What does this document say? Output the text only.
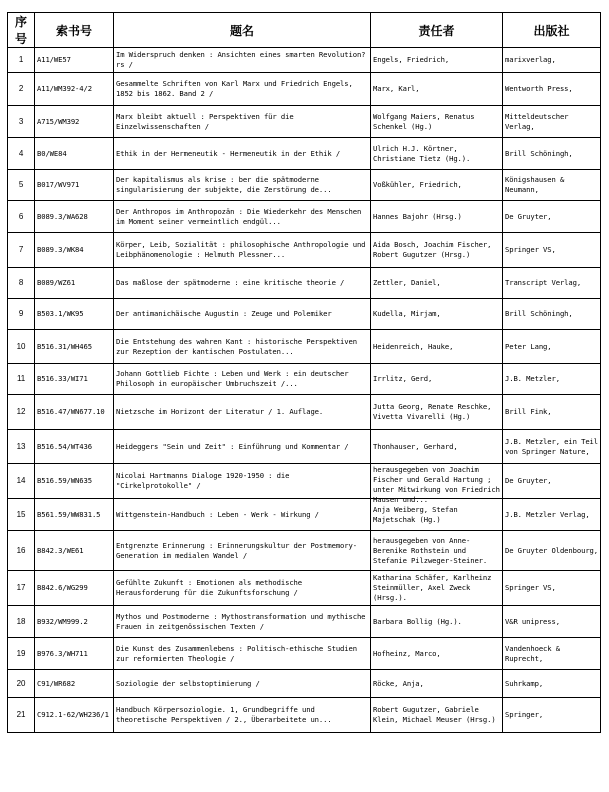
序号	索书号	题名	责任者	出版社

1	A11/WE57	Im Widerspruch denken : Ansichten eines smarten Revolution?rs /	Engels, Friedrich,	marixverlag,

2	A11/WM392-4/2	Gesammelte Schriften von Karl Marx und Friedrich Engels, 1852 bis 1862. Band 2 /	Marx, Karl,	Wentworth Press,

3	A715/WM392	Marx bleibt aktuell : Perspektiven für die Einzelwissenschaften /	Wolfgang Maiers, Renatus Schenkel (Hg.)	Mitteldeutscher Verlag,

4	B0/WE84	Ethik in der Hermeneutik - Hermeneutik in der Ethik /	Ulrich H.J. Körtner, Christiane Tietz (Hg.).	Brill Schöningh,

5	B017/WV971	Der kapitalismus als krise : ber die spätmoderne singularisierung der subjekte, die Zerstörung de...	Voßkühler, Friedrich,	Königshausen & Neumann,

6	B089.3/WA628	Der Anthropos im Anthropozän : Die Wiederkehr des Menschen im Moment seiner vermeintlich endgül...	Hannes Bajohr (Hrsg.)	De Gruyter,

7	B089.3/WK84	Körper, Leib, Sozialität : philosophische Anthropologie und Leibphänomenologie : Helmuth Plessner...	Aida Bosch, Joachim Fischer, Robert Gugutzer (Hrsg.)	Springer VS,

8	B089/WZ61	Das maßlose der spätmoderne : eine kritische theorie /	Zettler, Daniel,	Transcript Verlag,

9	B503.1/WK95	Der antimanichäische Augustin : Zeuge und Polemiker	Kudella, Mirjam,	Brill Schöningh,

10	B516.31/WH465	Die Entstehung des wahren Kant : historische Perspektiven zur Rezeption der kantischen Postulaten...	Heidenreich, Hauke,	Peter Lang,

11	B516.33/WI71	Johann Gottlieb Fichte : Leben und Werk : ein deutscher Philosoph in europäischer Umbruchszeit /...	Irrlitz, Gerd,	J.B. Metzler,

12	B516.47/WN677.10	Nietzsche im Horizont der Literatur / 1. Auflage.	Jutta Georg, Renate Reschke, Vivetta Vivarelli (Hg.)	Brill Fink,

13	B516.54/WT436	Heideggers "Sein und Zeit" : Einführung und Kommentar /	Thonhauser, Gerhard,	J.B. Metzler, ein Teil von Springer Nature,

14	B516.59/WN635	Nicolai Hartmanns Dialoge 1920-1950 : die "Cirkelprotokolle" /	herausgegeben von Joachim Fischer und Gerald Hartung ; unter Mitwirkung von Friedrich Hausen und...	De Gruyter,

15	B561.59/WW831.5	Wittgenstein-Handbuch : Leben - Werk - Wirkung /	Anja Weiberg, Stefan Majetschak (Hg.)	J.B. Metzler Verlag,

16	B842.3/WE61	Entgrenzte Erinnerung : Erinnerungskultur der Postmemory-Generation im medialen Wandel /	herausgegeben von Anne-Berenike Rothstein und Stefanie Pilzweger-Steiner.	De Gruyter Oldenbourg,

17	B842.6/WG299	Gefühlte Zukunft : Emotionen als methodische Herausforderung für die Zukunftsforschung /	Katharina Schäfer, Karlheinz Steinmüller, Axel Zweck (Hrsg.).	Springer VS,

18	B932/WM999.2	Mythos und Postmoderne : Mythostransformation und mythische Frauen in zeitgenössischen Texten /	Barbara Bollig (Hg.).	V&R unipress,

19	B976.3/WH711	Die Kunst des Zusammenlebens : Politisch-ethische Studien zur reformierten Theologie /	Hofheinz, Marco,	Vandenhoeck & Ruprecht,

20	C91/WR682	Soziologie der selbstoptimierung /	Röcke, Anja,	Suhrkamp,

21	C912.1-62/WH236/1	Handbuch Körpersoziologie. 1, Grundbegriffe und theoretische Perspektiven / 2., Überarbeitete un...	Robert Gugutzer, Gabriele Klein, Michael Meuser (Hrsg.)	Springer,
